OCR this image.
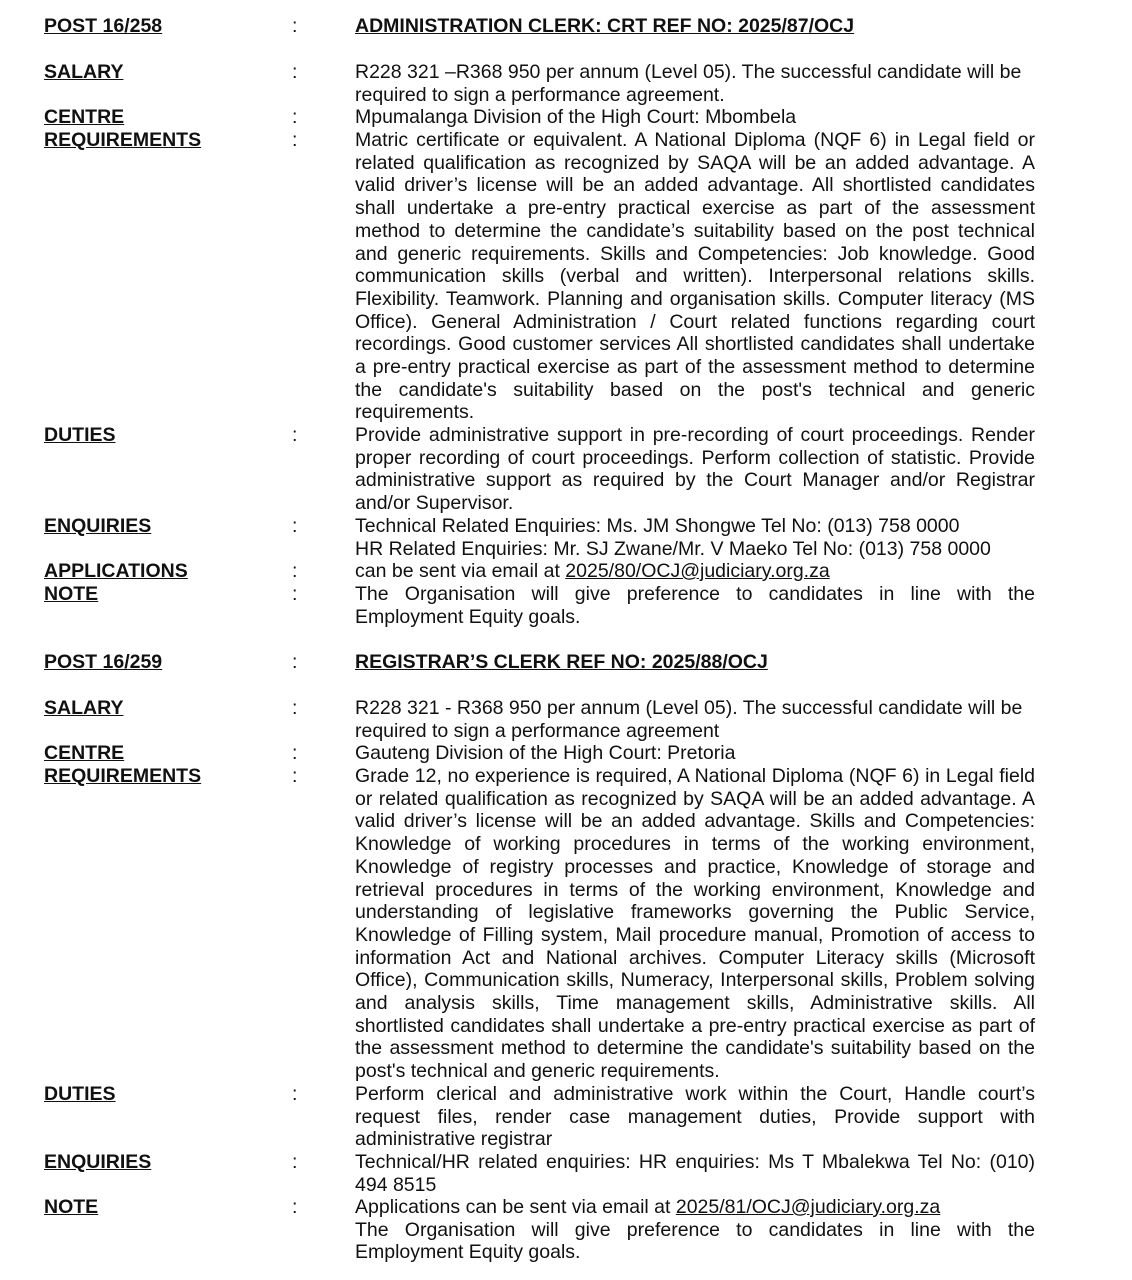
POST 16/258	:	ADMINISTRATION CLERK: CRT REF NO: 2025/87/OCJ
SALARY	:	R228 321 –R368 950 per annum (Level 05). The successful candidate will be required to sign a performance agreement.
CENTRE	:	Mpumalanga Division of the High Court: Mbombela
REQUIREMENTS	:	Matric certificate or equivalent. A National Diploma (NQF 6) in Legal field or related qualification as recognized by SAQA will be an added advantage. A valid driver’s license will be an added advantage. All shortlisted candidates shall undertake a pre-entry practical exercise as part of the assessment method to determine the candidate’s suitability based on the post technical and generic requirements. Skills and Competencies: Job knowledge. Good communication skills (verbal and written). Interpersonal relations skills. Flexibility. Teamwork. Planning and organisation skills. Computer literacy (MS Office). General Administration / Court related functions regarding court recordings. Good customer services All shortlisted candidates shall undertake a pre-entry practical exercise as part of the assessment method to determine the candidate's suitability based on the post's technical and generic requirements.
DUTIES	:	Provide administrative support in pre-recording of court proceedings. Render proper recording of court proceedings. Perform collection of statistic. Provide administrative support as required by the Court Manager and/or Registrar and/or Supervisor.
ENQUIRIES	:	Technical Related Enquiries: Ms. JM Shongwe Tel No: (013) 758 0000
HR Related Enquiries: Mr. SJ Zwane/Mr. V Maeko Tel No: (013) 758 0000
APPLICATIONS	:	can be sent via email at 2025/80/OCJ@judiciary.org.za
NOTE	:	The Organisation will give preference to candidates in line with the Employment Equity goals.
POST 16/259	:	REGISTRAR’S CLERK REF NO: 2025/88/OCJ
SALARY	:	R228 321 - R368 950 per annum (Level 05). The successful candidate will be required to sign a performance agreement
CENTRE	:	Gauteng Division of the High Court: Pretoria
REQUIREMENTS	:	Grade 12, no experience is required, A National Diploma (NQF 6) in Legal field or related qualification as recognized by SAQA will be an added advantage. A valid driver’s license will be an added advantage. Skills and Competencies: Knowledge of working procedures in terms of the working environment, Knowledge of registry processes and practice, Knowledge of storage and retrieval procedures in terms of the working environment, Knowledge and understanding of legislative frameworks governing the Public Service, Knowledge of Filling system, Mail procedure manual, Promotion of access to information Act and National archives. Computer Literacy skills (Microsoft Office), Communication skills, Numeracy, Interpersonal skills, Problem solving and analysis skills, Time management skills, Administrative skills. All shortlisted candidates shall undertake a pre-entry practical exercise as part of the assessment method to determine the candidate's suitability based on the post's technical and generic requirements.
DUTIES	:	Perform clerical and administrative work within the Court, Handle court’s request files, render case management duties, Provide support with administrative registrar
ENQUIRIES	:	Technical/HR related enquiries: HR enquiries: Ms T Mbalekwa Tel No: (010) 494 8515
NOTE	:	Applications can be sent via email at 2025/81/OCJ@judiciary.org.za
The Organisation will give preference to candidates in line with the Employment Equity goals.
